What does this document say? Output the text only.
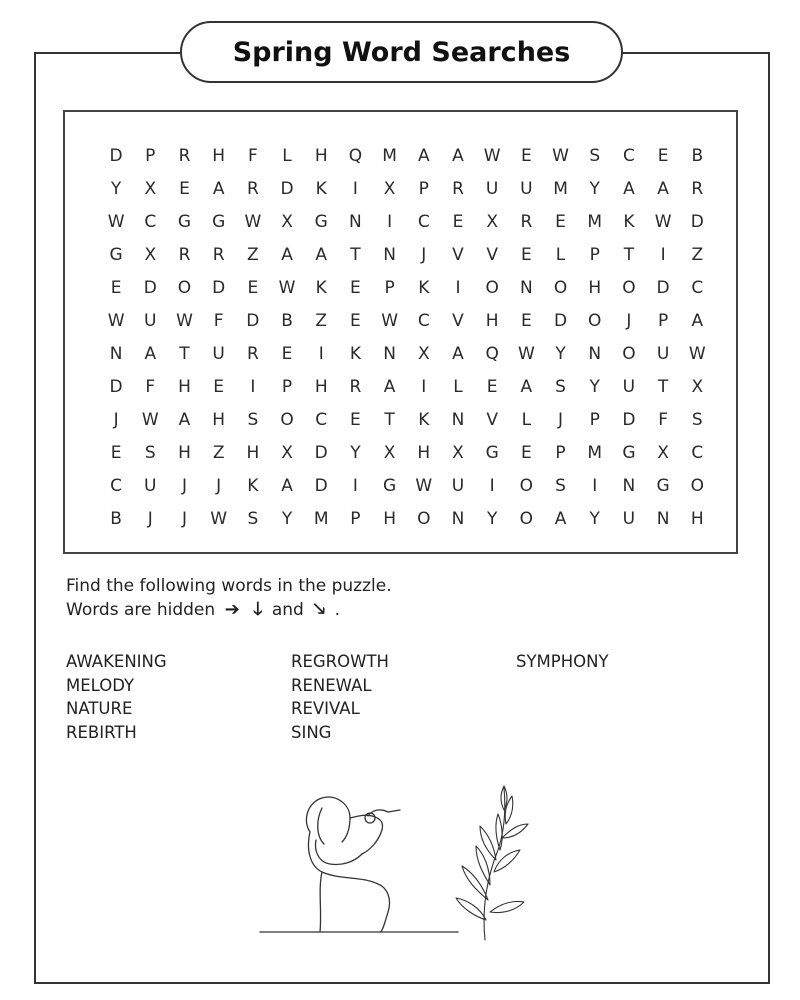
Spring Word Searches
D	P	R	H	F	L	H	Q	M	A	A	W	E	W	S	C	E	B
Y	X	E	A	R	D	K	I	X	P	R	U	U	M	Y	A	A	R
W	C	G	G	W	X	G	N	I	C	E	X	R	E	M	K	W	D
G	X	R	R	Z	A	A	T	N	J	V	V	E	L	P	T	I	Z
E	D	O	D	E	W	K	E	P	K	I	O	N	O	H	O	D	C
W	U	W	F	D	B	Z	E	W	C	V	H	E	D	O	J	P	A
N	A	T	U	R	E	I	K	N	X	A	Q	W	Y	N	O	U	W
D	F	H	E	I	P	H	R	A	I	L	E	A	S	Y	U	T	X
J	W	A	H	S	O	C	E	T	K	N	V	L	J	P	D	F	S
E	S	H	Z	H	X	D	Y	X	H	X	G	E	P	M	G	X	C
C	U	J	J	K	A	D	I	G	W	U	I	O	S	I	N	G	O
B	J	J	W	S	Y	M	P	H	O	N	Y	O	A	Y	U	N	H
Find the following words in the puzzle.
Words are hidden ➔ 🡓 and 🡖 .
AWAKENING	REGROWTH	SYMPHONY
MELODY	RENEWAL
NATURE	REVIVAL
REBIRTH	SING
